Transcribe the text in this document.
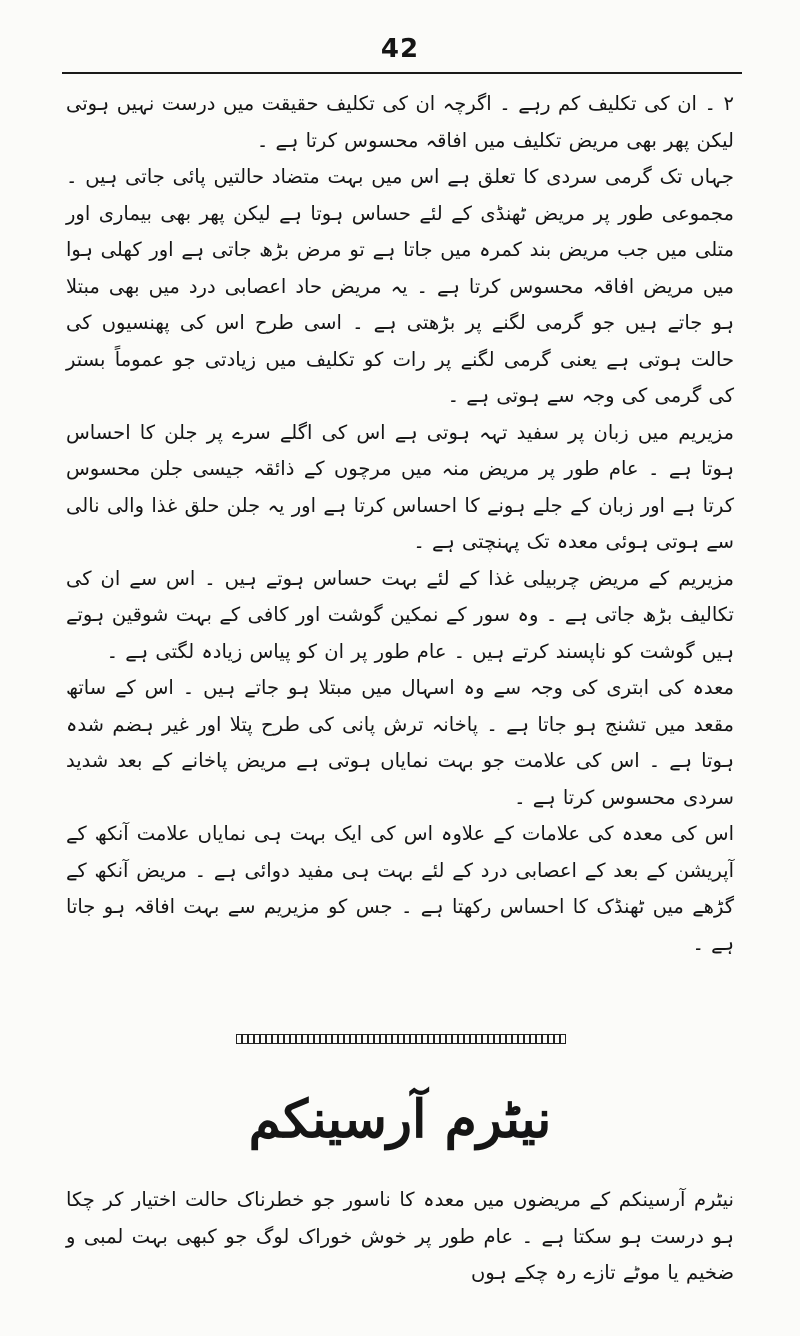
42

۲ ۔ ان کی تکلیف کم رہے ۔ اگرچہ ان کی تکلیف حقیقت میں درست نہیں ہوتی لیکن پھر بھی مریض تکلیف میں افاقہ محسوس کرتا ہے ۔

جہاں تک گرمی سردی کا تعلق ہے اس میں بہت متضاد حالتیں پائی جاتی ہیں ۔ مجموعی طور پر مریض ٹھنڈی کے لئے حساس ہوتا ہے لیکن پھر بھی بیماری اور متلی میں جب مریض بند کمرہ میں جاتا ہے تو مرض بڑھ جاتی ہے اور کھلی ہوا میں مریض افاقہ محسوس کرتا ہے ۔ یہ مریض حاد اعصابی درد میں بھی مبتلا ہو جاتے ہیں جو گرمی لگنے پر بڑھتی ہے ۔ اسی طرح اس کی پھنسیوں کی حالت ہوتی ہے یعنی گرمی لگنے پر رات کو تکلیف میں زیادتی جو عموماً بستر کی گرمی کی وجہ سے ہوتی ہے ۔

مزیریم میں زبان پر سفید تہہ ہوتی ہے اس کی اگلے سرے پر جلن کا احساس ہوتا ہے ۔ عام طور پر مریض منہ میں مرچوں کے ذائقہ جیسی جلن محسوس کرتا ہے اور زبان کے جلے ہونے کا احساس کرتا ہے اور یہ جلن حلق غذا والی نالی سے ہوتی ہوئی معدہ تک پہنچتی ہے ۔

مزیریم کے مریض چربیلی غذا کے لئے بہت حساس ہوتے ہیں ۔ اس سے ان کی تکالیف بڑھ جاتی ہے ۔ وہ سور کے نمکین گوشت اور کافی کے بہت شوقین ہوتے ہیں گوشت کو ناپسند کرتے ہیں ۔ عام طور پر ان کو پیاس زیادہ لگتی ہے ۔

معدہ کی ابتری کی وجہ سے وہ اسہال میں مبتلا ہو جاتے ہیں ۔ اس کے ساتھ مقعد میں تشنج ہو جاتا ہے ۔ پاخانہ ترش پانی کی طرح پتلا اور غیر ہضم شدہ ہوتا ہے ۔ اس کی علامت جو بہت نمایاں ہوتی ہے مریض پاخانے کے بعد شدید سردی محسوس کرتا ہے ۔

اس کی معدہ کی علامات کے علاوہ اس کی ایک بہت ہی نمایاں علامت آنکھ کے آپریشن کے بعد کے اعصابی درد کے لئے بہت ہی مفید دوائی ہے ۔ مریض آنکھ کے گڑھے میں ٹھنڈک کا احساس رکھتا ہے ۔ جس کو مزیریم سے بہت افاقہ ہو جاتا ہے ۔

نیٹرم آرسینکم

نیٹرم آرسینکم کے مریضوں میں معدہ کا ناسور جو خطرناک حالت اختیار کر چکا ہو درست ہو سکتا ہے ۔ عام طور پر خوش خوراک لوگ جو کبھی بہت لمبی و ضخیم یا موٹے تازے رہ چکے ہوں
